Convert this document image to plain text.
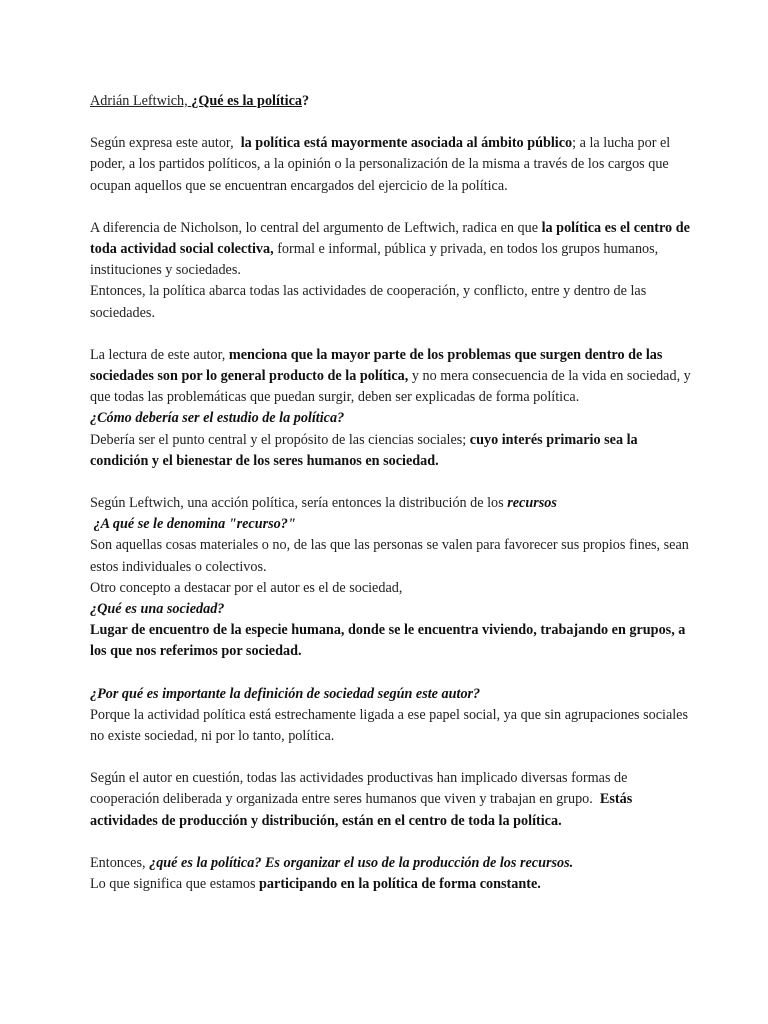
Adrián Leftwich, ¿Qué es la política?

Según expresa este autor, la política está mayormente asociada al ámbito público; a la lucha por el poder, a los partidos políticos, a la opinión o la personalización de la misma a través de los cargos que ocupan aquellos que se encuentran encargados del ejercicio de la política.

A diferencia de Nicholson, lo central del argumento de Leftwich, radica en que la política es el centro de toda actividad social colectiva, formal e informal, pública y privada, en todos los grupos humanos, instituciones y sociedades.

Entonces, la política abarca todas las actividades de cooperación, y conflicto, entre y dentro de las sociedades.

La lectura de este autor, menciona que la mayor parte de los problemas que surgen dentro de las sociedades son por lo general producto de la política, y no mera consecuencia de la vida en sociedad, y que todas las problemáticas que puedan surgir, deben ser explicadas de forma política.

¿Cómo debería ser el estudio de la política?

Debería ser el punto central y el propósito de las ciencias sociales; cuyo interés primario sea la condición y el bienestar de los seres humanos en sociedad.

Según Leftwich, una acción política, sería entonces la distribución de los recursos

¿A qué se le denomina "recurso?"

Son aquellas cosas materiales o no, de las que las personas se valen para favorecer sus propios fines, sean estos individuales o colectivos.

Otro concepto a destacar por el autor es el de sociedad,

¿Qué es una sociedad?

Lugar de encuentro de la especie humana, donde se le encuentra viviendo, trabajando en grupos, a los que nos referimos por sociedad.

¿Por qué es importante la definición de sociedad según este autor?

Porque la actividad política está estrechamente ligada a ese papel social, ya que sin agrupaciones sociales no existe sociedad, ni por lo tanto, política.

Según el autor en cuestión, todas las actividades productivas han implicado diversas formas de cooperación deliberada y organizada entre seres humanos que viven y trabajan en grupo. Estás actividades de producción y distribución, están en el centro de toda la política.

Entonces, ¿qué es la política? Es organizar el uso de la producción de los recursos.

Lo que significa que estamos participando en la política de forma constante.
